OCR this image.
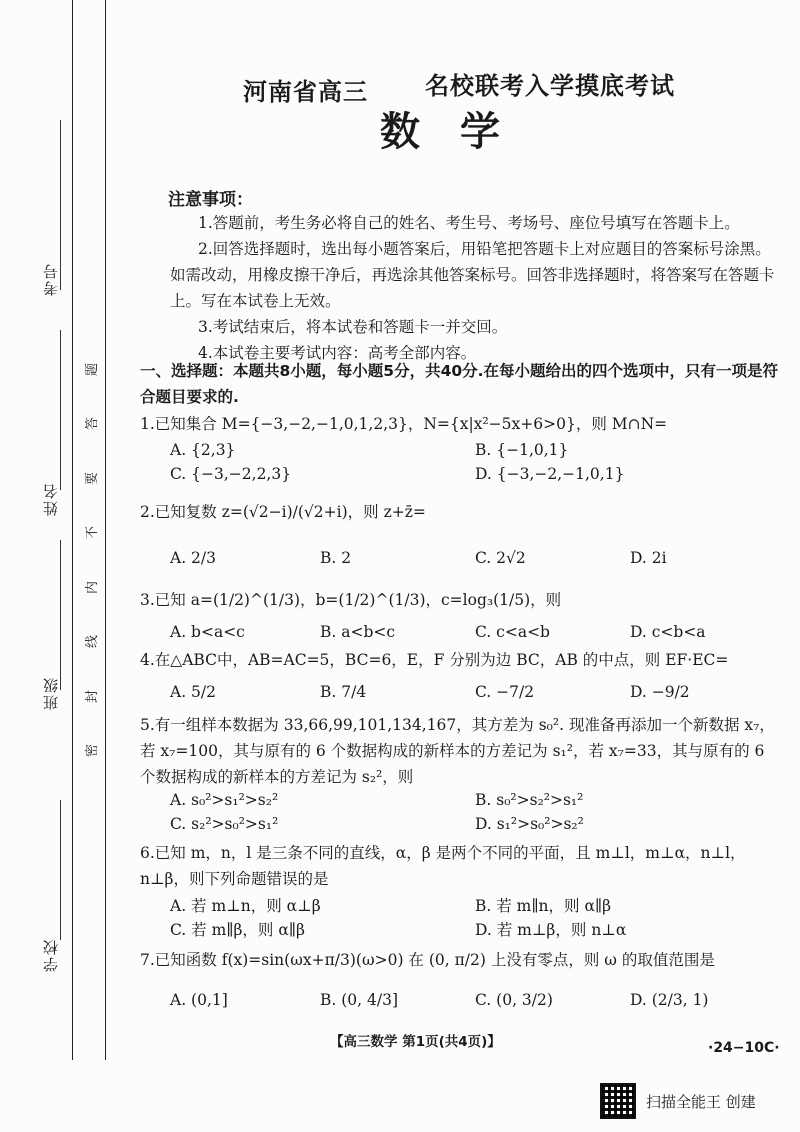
考号
姓名
班级
学校
题
答
要
不
内
线
封
密
河南省高三 名校联考入学摸底考试
数学
注意事项：

1.答题前，考生务必将自己的姓名、考生号、考场号、座位号填写在答题卡上。

2.回答选择题时，选出每小题答案后，用铅笔把答题卡上对应题目的答案标号涂黑。如需改动，用橡皮擦干净后，再选涂其他答案标号。回答非选择题时，将答案写在答题卡上。写在本试卷上无效。

3.考试结束后，将本试卷和答题卡一并交回。

4.本试卷主要考试内容：高考全部内容。

一、选择题：本题共8小题，每小题5分，共40分.在每小题给出的四个选项中，只有一项是符合题目要求的.
1.已知集合 M={−3,−2,−1,0,1,2,3}，N={x|x²−5x+6>0}，则 M∩N=
A. {2,3}	B. {−1,0,1}
C. {−3,−2,2,3}	D. {−3,−2,−1,0,1}
2.已知复数 z=(√2−i)/(√2+i)，则 z+z̄=
A. 2/3	B. 2	C. 2√2	D. 2i
3.已知 a=(1/2)^(1/3)，b=(1/2)^(1/3)，c=log₃(1/5)，则
A. b<a<c	B. a<b<c	C. c<a<b	D. c<b<a
4.在△ABC中，AB=AC=5，BC=6，E，F 分别为边 BC，AB 的中点，则 EF·EC=
A. 5/2	B. 7/4	C. −7/2	D. −9/2
5.有一组样本数据为 33,66,99,101,134,167，其方差为 s₀². 现准备再添加一个新数据 x₇，若 x₇=100，其与原有的 6 个数据构成的新样本的方差记为 s₁²，若 x₇=33，其与原有的 6 个数据构成的新样本的方差记为 s₂²，则
A. s₀²>s₁²>s₂²	B. s₀²>s₂²>s₁²
C. s₂²>s₀²>s₁²	D. s₁²>s₀²>s₂²
6.已知 m，n，l 是三条不同的直线，α，β 是两个不同的平面，且 m⊥l，m⊥α，n⊥l，n⊥β，则下列命题错误的是
A. 若 m⊥n，则 α⊥β	B. 若 m∥n，则 α∥β
C. 若 m∥β，则 α∥β	D. 若 m⊥β，则 n⊥α
7.已知函数 f(x)=sin(ωx+π/3)(ω>0) 在 (0, π/2) 上没有零点，则 ω 的取值范围是
A. (0,1]	B. (0, 4/3]	C. (0, 3/2)	D. (2/3, 1)
【高三数学 第1页(共4页)】	·24−10C·
扫描全能王 创建
